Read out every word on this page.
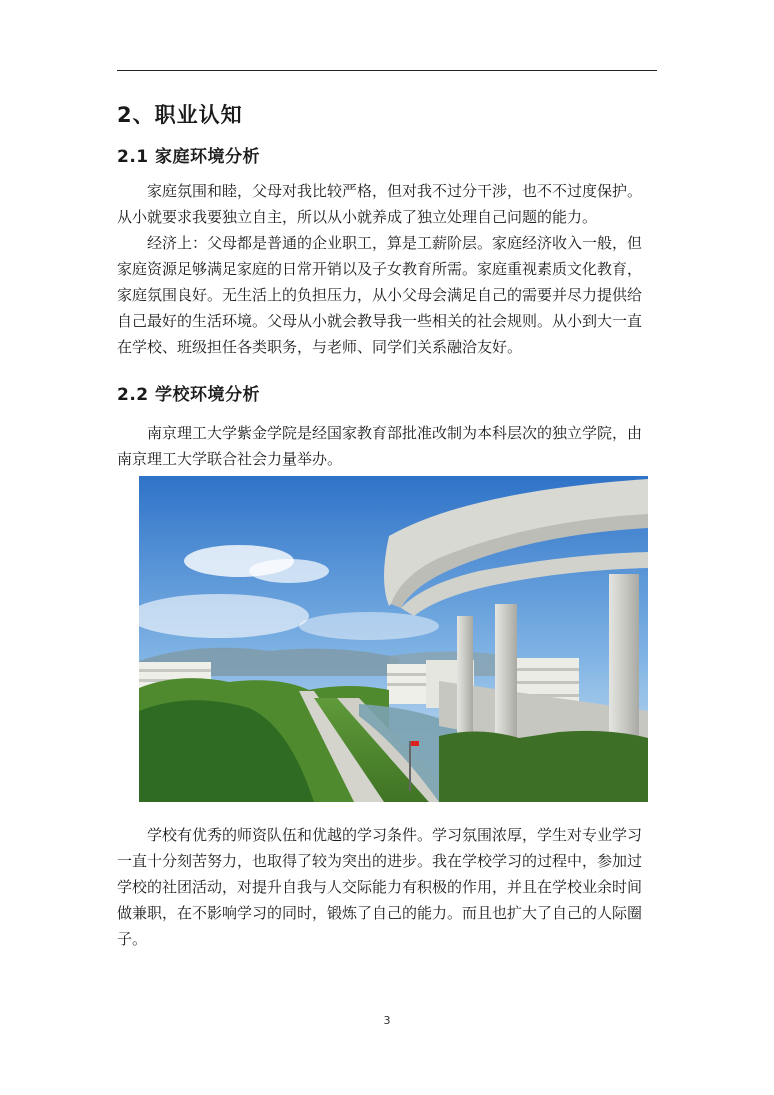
2、职业认知
2.1 家庭环境分析
家庭氛围和睦，父母对我比较严格，但对我不过分干涉，也不不过度保护。
从小就要求我要独立自主，所以从小就养成了独立处理自己问题的能力。
经济上：父母都是普通的企业职工，算是工薪阶层。家庭经济收入一般，但
家庭资源足够满足家庭的日常开销以及子女教育所需。家庭重视素质文化教育，
家庭氛围良好。无生活上的负担压力，从小父母会满足自己的需要并尽力提供给
自己最好的生活环境。父母从小就会教导我一些相关的社会规则。从小到大一直
在学校、班级担任各类职务，与老师、同学们关系融洽友好。
2.2 学校环境分析
南京理工大学紫金学院是经国家教育部批准改制为本科层次的独立学院，由
南京理工大学联合社会力量举办。
学校有优秀的师资队伍和优越的学习条件。学习氛围浓厚，学生对专业学习
一直十分刻苦努力，也取得了较为突出的进步。我在学校学习的过程中，参加过
学校的社团活动，对提升自我与人交际能力有积极的作用，并且在学校业余时间
做兼职，在不影响学习的同时，锻炼了自己的能力。而且也扩大了自己的人际圈
子。
3
